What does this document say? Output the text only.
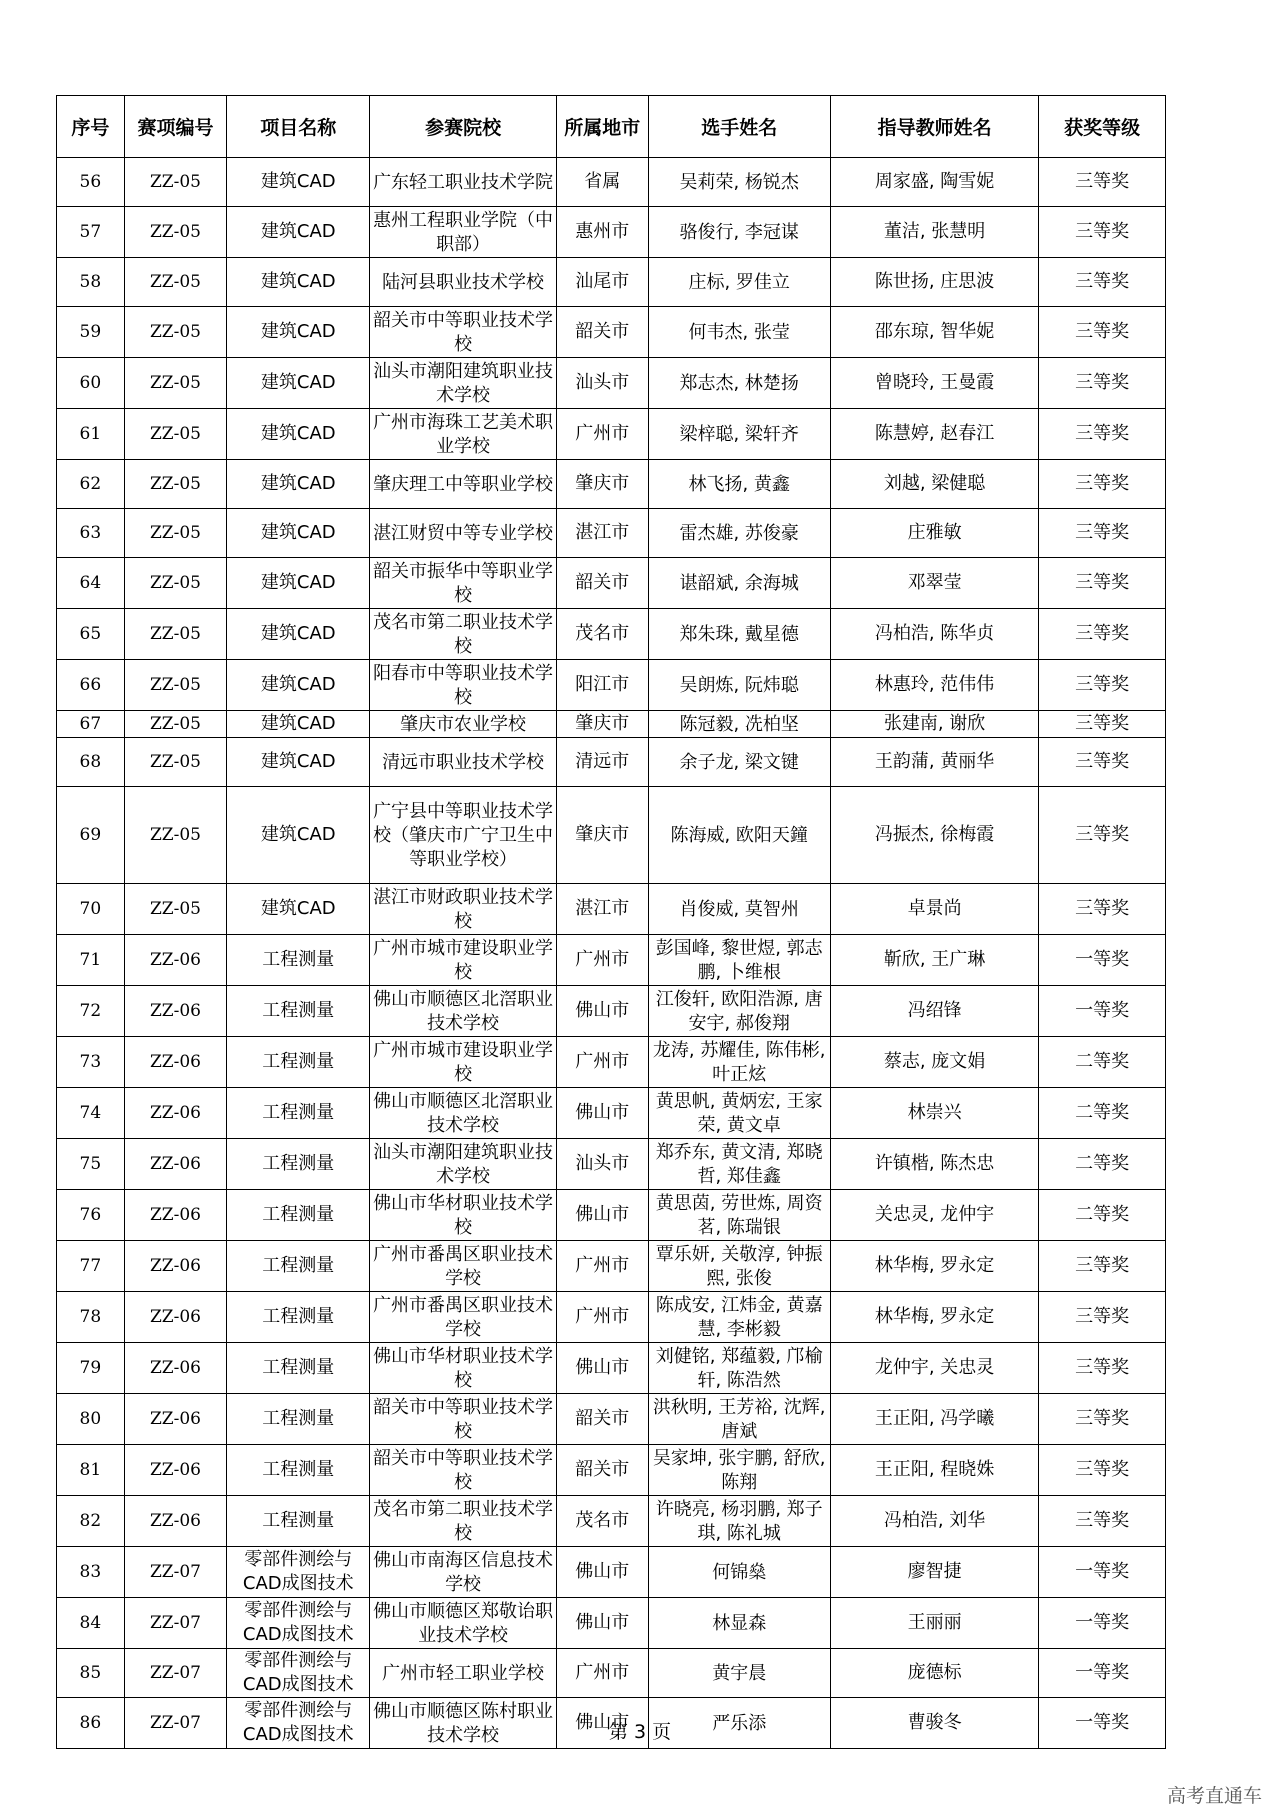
序号	赛项编号	项目名称	参赛院校	所属地市	选手姓名	指导教师姓名	获奖等级

56	ZZ-05	建筑CAD	广东轻工职业技术学院	省属	吴莉荣, 杨锐杰	周家盛, 陶雪妮	三等奖

57	ZZ-05	建筑CAD	惠州工程职业学院（中职部）	惠州市	骆俊行, 李冠谋	董洁, 张慧明	三等奖

58	ZZ-05	建筑CAD	陆河县职业技术学校	汕尾市	庄标, 罗佳立	陈世扬, 庄思波	三等奖

59	ZZ-05	建筑CAD	韶关市中等职业技术学校	韶关市	何韦杰, 张莹	邵东琼, 智华妮	三等奖

60	ZZ-05	建筑CAD	汕头市潮阳建筑职业技术学校	汕头市	郑志杰, 林楚扬	曾晓玲, 王曼霞	三等奖

61	ZZ-05	建筑CAD	广州市海珠工艺美术职业学校	广州市	梁梓聪, 梁轩齐	陈慧婷, 赵春江	三等奖

62	ZZ-05	建筑CAD	肇庆理工中等职业学校	肇庆市	林飞扬, 黄鑫	刘越, 梁健聪	三等奖

63	ZZ-05	建筑CAD	湛江财贸中等专业学校	湛江市	雷杰雄, 苏俊豪	庄雅敏	三等奖

64	ZZ-05	建筑CAD	韶关市振华中等职业学校	韶关市	谌韶斌, 余海城	邓翠莹	三等奖

65	ZZ-05	建筑CAD	茂名市第二职业技术学校	茂名市	郑朱珠, 戴星德	冯柏浩, 陈华贞	三等奖

66	ZZ-05	建筑CAD	阳春市中等职业技术学校	阳江市	吴朗炼, 阮炜聪	林惠玲, 范伟伟	三等奖

67	ZZ-05	建筑CAD	肇庆市农业学校	肇庆市	陈冠毅, 冼柏坚	张建南, 谢欣	三等奖

68	ZZ-05	建筑CAD	清远市职业技术学校	清远市	余子龙, 梁文键	王韵蒲, 黄丽华	三等奖

69	ZZ-05	建筑CAD	广宁县中等职业技术学校（肇庆市广宁卫生中等职业学校）	肇庆市	陈海威, 欧阳天鐘	冯振杰, 徐梅霞	三等奖

70	ZZ-05	建筑CAD	湛江市财政职业技术学校	湛江市	肖俊威, 莫智州	卓景尚	三等奖

71	ZZ-06	工程测量	广州市城市建设职业学校	广州市	彭国峰, 黎世煜, 郭志鹏, 卜维根	靳欣, 王广琳	一等奖

72	ZZ-06	工程测量	佛山市顺德区北滘职业技术学校	佛山市	江俊轩, 欧阳浩源, 唐安宇, 郝俊翔	冯绍锋	一等奖

73	ZZ-06	工程测量	广州市城市建设职业学校	广州市	龙涛, 苏耀佳, 陈伟彬, 叶正炫	蔡志, 庞文娟	二等奖

74	ZZ-06	工程测量	佛山市顺德区北滘职业技术学校	佛山市	黄思帆, 黄炳宏, 王家荣, 黄文卓	林崇兴	二等奖

75	ZZ-06	工程测量	汕头市潮阳建筑职业技术学校	汕头市	郑乔东, 黄文清, 郑晓哲, 郑佳鑫	许镇楷, 陈杰忠	二等奖

76	ZZ-06	工程测量	佛山市华材职业技术学校	佛山市	黄思茵, 劳世炼, 周资茗, 陈瑞银	关忠灵, 龙仲宇	二等奖

77	ZZ-06	工程测量	广州市番禺区职业技术学校	广州市	覃乐妍, 关敬淳, 钟振熙, 张俊	林华梅, 罗永定	三等奖

78	ZZ-06	工程测量	广州市番禺区职业技术学校	广州市	陈成安, 江炜金, 黄嘉慧, 李彬毅	林华梅, 罗永定	三等奖

79	ZZ-06	工程测量	佛山市华材职业技术学校	佛山市	刘健铭, 郑蕴毅, 邝榆轩, 陈浩然	龙仲宇, 关忠灵	三等奖

80	ZZ-06	工程测量	韶关市中等职业技术学校	韶关市	洪秋明, 王芳裕, 沈辉, 唐斌	王正阳, 冯学曦	三等奖

81	ZZ-06	工程测量	韶关市中等职业技术学校	韶关市	吴家坤, 张宇鹏, 舒欣, 陈翔	王正阳, 程晓姝	三等奖

82	ZZ-06	工程测量	茂名市第二职业技术学校	茂名市	许晓亮, 杨羽鹏, 郑子琪, 陈礼城	冯柏浩, 刘华	三等奖

83	ZZ-07	零部件测绘与CAD成图技术	佛山市南海区信息技术学校	佛山市	何锦燊	廖智捷	一等奖

84	ZZ-07	零部件测绘与CAD成图技术	佛山市顺德区郑敬诒职业技术学校	佛山市	林显森	王丽丽	一等奖

85	ZZ-07	零部件测绘与CAD成图技术	广州市轻工职业学校	广州市	黄宇晨	庞德标	一等奖

86	ZZ-07	零部件测绘与CAD成图技术	佛山市顺德区陈村职业技术学校	佛山市	严乐添	曹骏冬	一等奖
第 3 页
高考直通车
